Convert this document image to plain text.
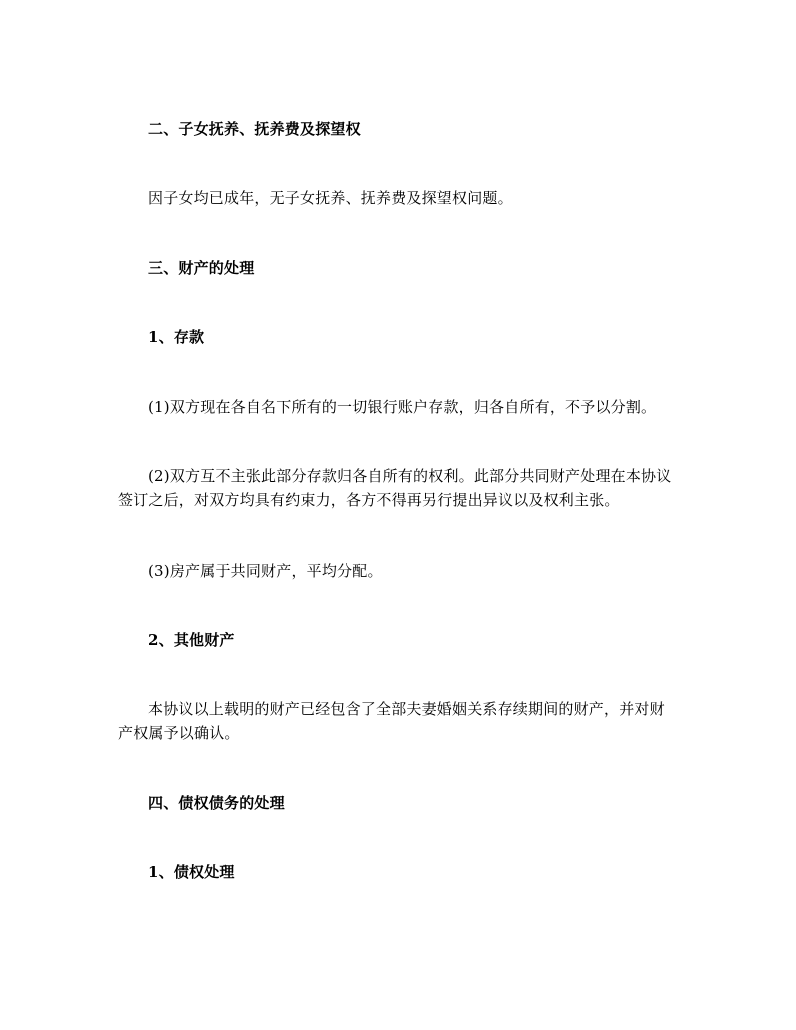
二、子女抚养、抚养费及探望权

因子女均已成年，无子女抚养、抚养费及探望权问题。

三、财产的处理

1、存款

(1)双方现在各自名下所有的一切银行账户存款，归各自所有，不予以分割。

(2)双方互不主张此部分存款归各自所有的权利。此部分共同财产处理在本协议签订之后，对双方均具有约束力，各方不得再另行提出异议以及权利主张。

(3)房产属于共同财产，平均分配。

2、其他财产

本协议以上载明的财产已经包含了全部夫妻婚姻关系存续期间的财产，并对财产权属予以确认。

四、债权债务的处理

1、债权处理
